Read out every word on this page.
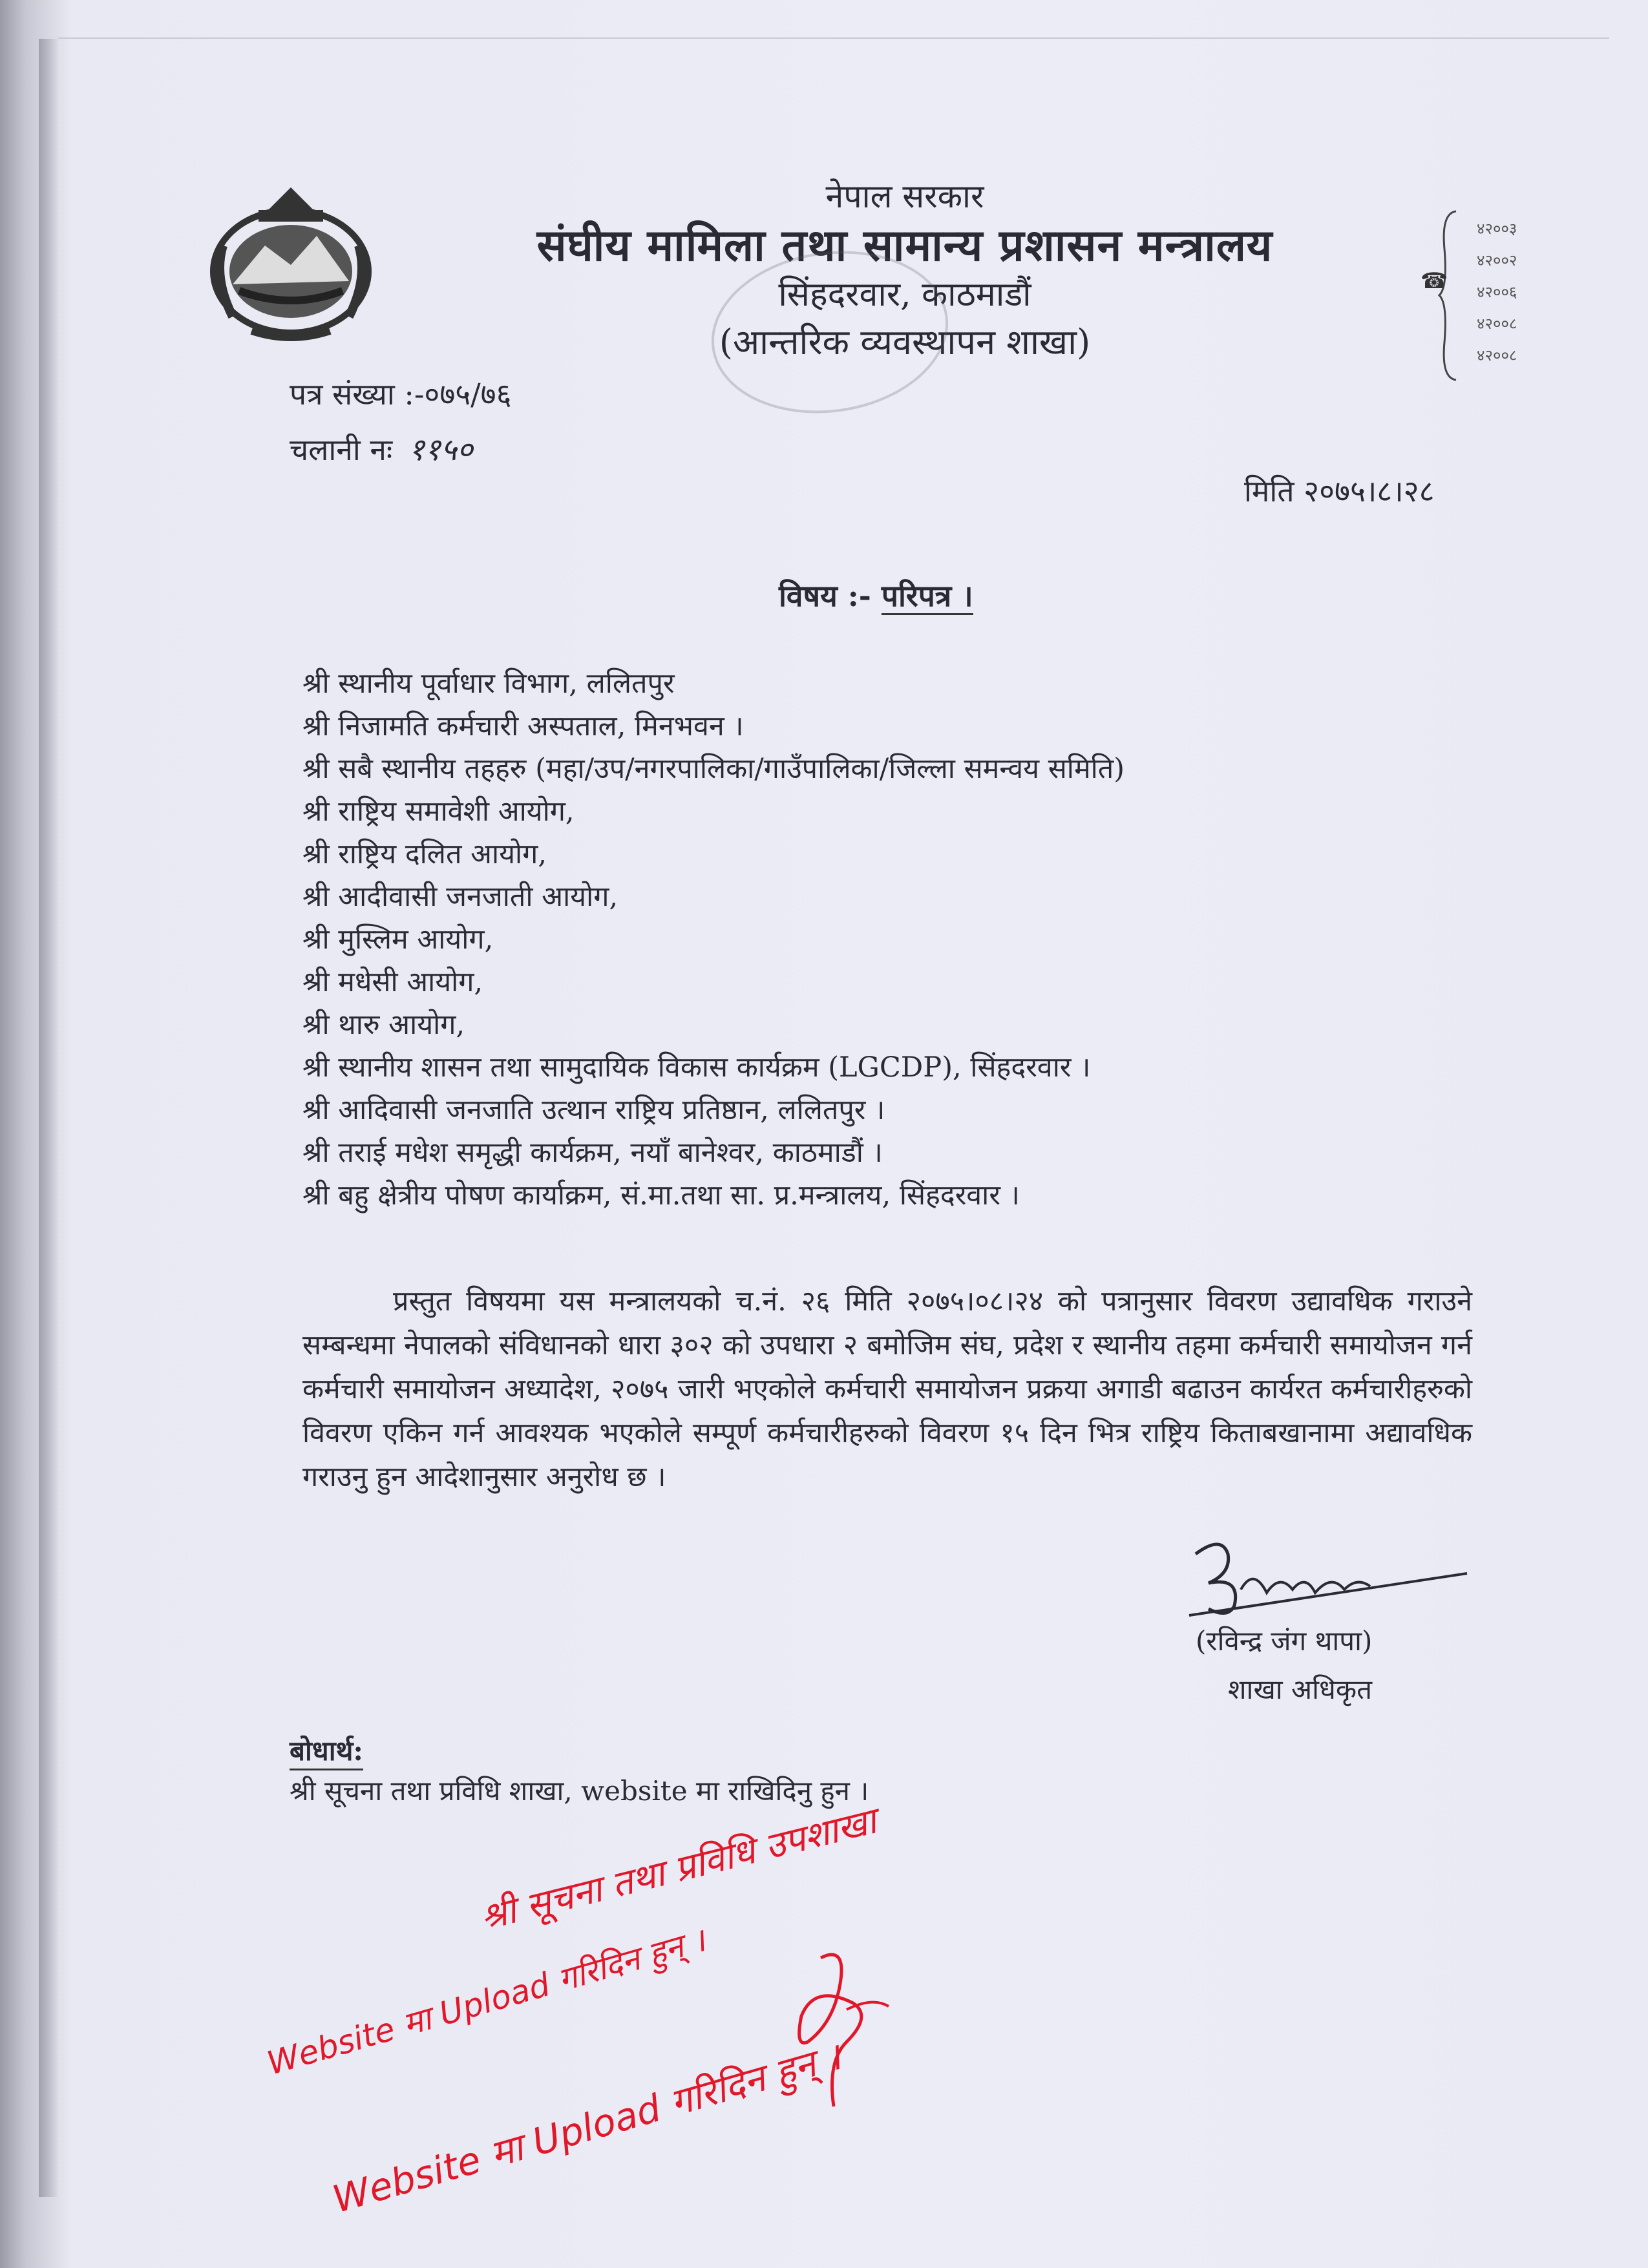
नेपाल सरकार
संघीय मामिला तथा सामान्य प्रशासन मन्त्रालय
सिंहदरवार, काठमाडौं
(आन्तरिक व्यवस्थापन शाखा)
☎
४२००३
४२००२
४२००६
४२००८
४२००८
पत्र संख्या :-०७५/७६
चलानी नः ११५०
मिति २०७५।८।२८
विषय :- परिपत्र ।
श्री स्थानीय पूर्वाधार विभाग, ललितपुर
श्री निजामति कर्मचारी अस्पताल, मिनभवन ।
श्री सबै स्थानीय तहहरु (महा/उप/नगरपालिका/गाउँपालिका/जिल्ला समन्वय समिति)
श्री राष्ट्रिय समावेशी आयोग,
श्री राष्ट्रिय दलित आयोग,
श्री आदीवासी जनजाती आयोग,
श्री मुस्लिम आयोग,
श्री मधेसी आयोग,
श्री थारु आयोग,
श्री स्थानीय शासन तथा सामुदायिक विकास कार्यक्रम (LGCDP), सिंहदरवार ।
श्री आदिवासी जनजाति उत्थान राष्ट्रिय प्रतिष्ठान, ललितपुर ।
श्री तराई मधेश समृद्धी कार्यक्रम, नयाँ बानेश्वर, काठमाडौं ।
श्री बहु क्षेत्रीय पोषण कार्याक्रम, सं.मा.तथा सा. प्र.मन्त्रालय, सिंहदरवार ।
प्रस्तुत विषयमा यस मन्त्रालयको च.नं. २६ मिति २०७५।०८।२४ को पत्रानुसार विवरण उद्यावधिक गराउने सम्बन्धमा नेपालको संविधानको धारा ३०२ को उपधारा २ बमोजिम संघ, प्रदेश र स्थानीय तहमा कर्मचारी समायोजन गर्न कर्मचारी समायोजन अध्यादेश, २०७५ जारी भएकोले कर्मचारी समायोजन प्रक्रया अगाडी बढाउन कार्यरत कर्मचारीहरुको विवरण एकिन गर्न आवश्यक भएकोले सम्पूर्ण कर्मचारीहरुको विवरण १५ दिन भित्र राष्ट्रिय किताबखानामा अद्यावधिक गराउनु हुन आदेशानुसार अनुरोध छ ।
(रविन्द्र जंग थापा)
शाखा अधिकृत
बोधार्थ:
श्री सूचना तथा प्रविधि शाखा, website मा राखिदिनु हुन ।
श्री सूचना तथा प्रविधि उपशाखा
Website मा Upload गरिदिन हुन् ।
Website मा Upload गरिदिन हुन् ।
